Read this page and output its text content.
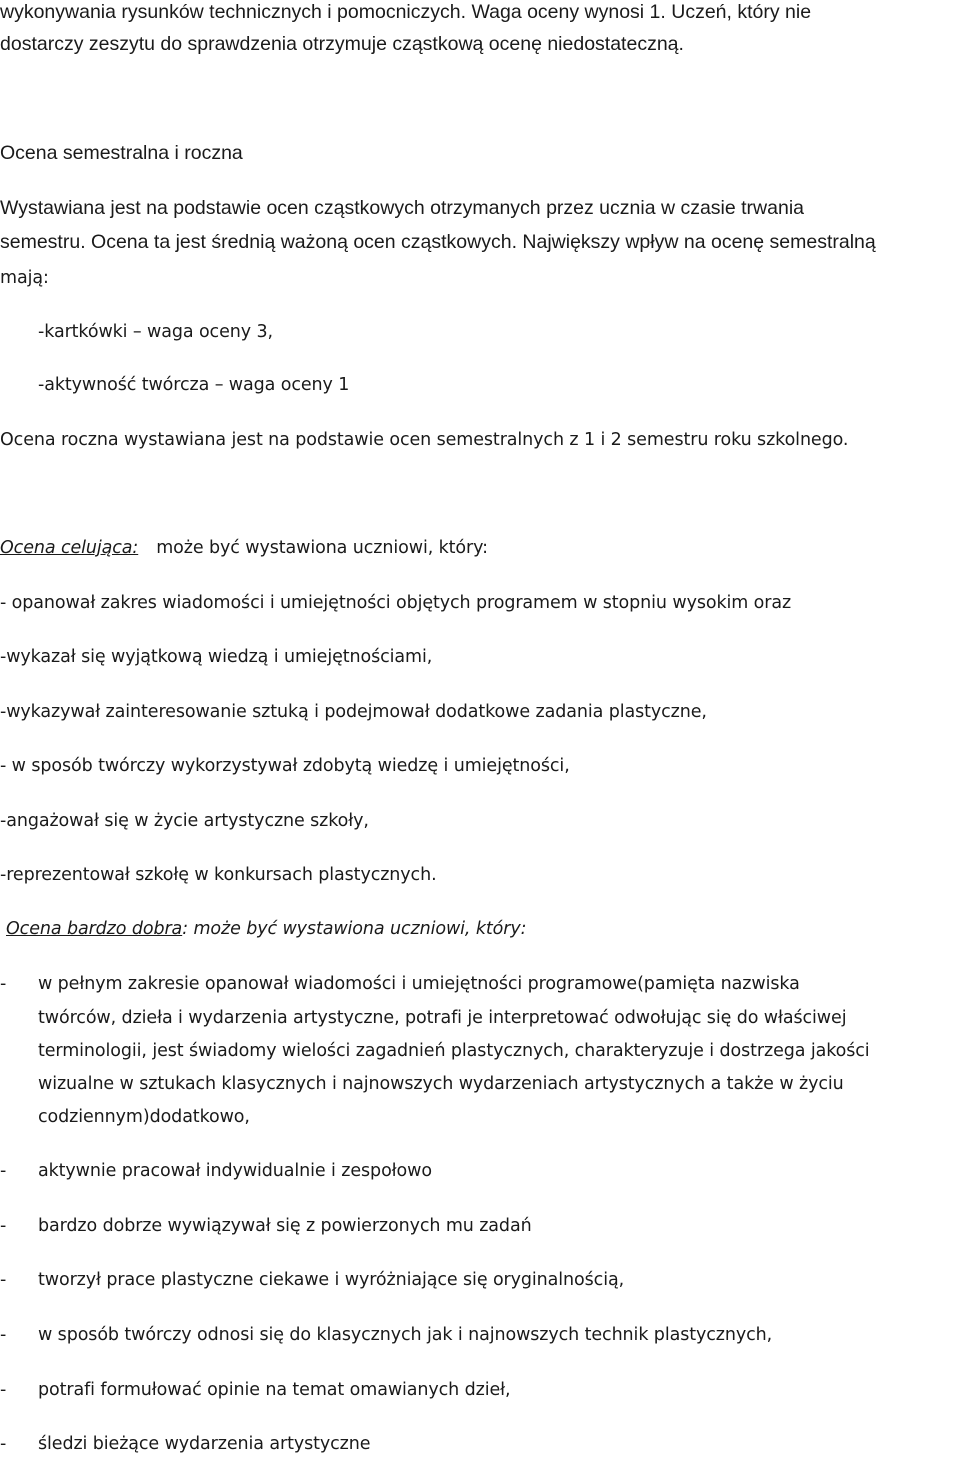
wykonywania rysunków technicznych i pomocniczych. Waga oceny wynosi 1. Uczeń, który nie
dostarczy zeszytu do sprawdzenia otrzymuje cząstkową ocenę niedostateczną.
Ocena semestralna i roczna
Wystawiana jest na podstawie ocen cząstkowych otrzymanych przez ucznia w czasie trwania
semestru. Ocena ta jest średnią ważoną ocen cząstkowych. Największy wpływ na ocenę semestralną
mają:
-kartkówki – waga oceny 3,
-aktywność twórcza – waga oceny 1
Ocena roczna wystawiana jest na podstawie ocen semestralnych z 1 i 2 semestru roku szkolnego.
Ocena celująca: może być wystawiona uczniowi, który:
- opanował zakres wiadomości i umiejętności objętych programem w stopniu wysokim oraz
-wykazał się wyjątkową wiedzą i umiejętnościami,
-wykazywał zainteresowanie sztuką i podejmował dodatkowe zadania plastyczne,
- w sposób twórczy wykorzystywał zdobytą wiedzę i umiejętności,
-angażował się w życie artystyczne szkoły,
-reprezentował szkołę w konkursach plastycznych.
Ocena bardzo dobra: może być wystawiona uczniowi, który:
- w pełnym zakresie opanował wiadomości i umiejętności programowe(pamięta nazwiska
twórców, dzieła i wydarzenia artystyczne, potrafi je interpretować odwołując się do właściwej
terminologii, jest świadomy wielości zagadnień plastycznych, charakteryzuje i dostrzega jakości
wizualne w sztukach klasycznych i najnowszych wydarzeniach artystycznych a także w życiu
codziennym)dodatkowo,
- aktywnie pracował indywidualnie i zespołowo
- bardzo dobrze wywiązywał się z powierzonych mu zadań
- tworzył prace plastyczne ciekawe i wyróżniające się oryginalnością,
- w sposób twórczy odnosi się do klasycznych jak i najnowszych technik plastycznych,
- potrafi formułować opinie na temat omawianych dzieł,
- śledzi bieżące wydarzenia artystyczne
